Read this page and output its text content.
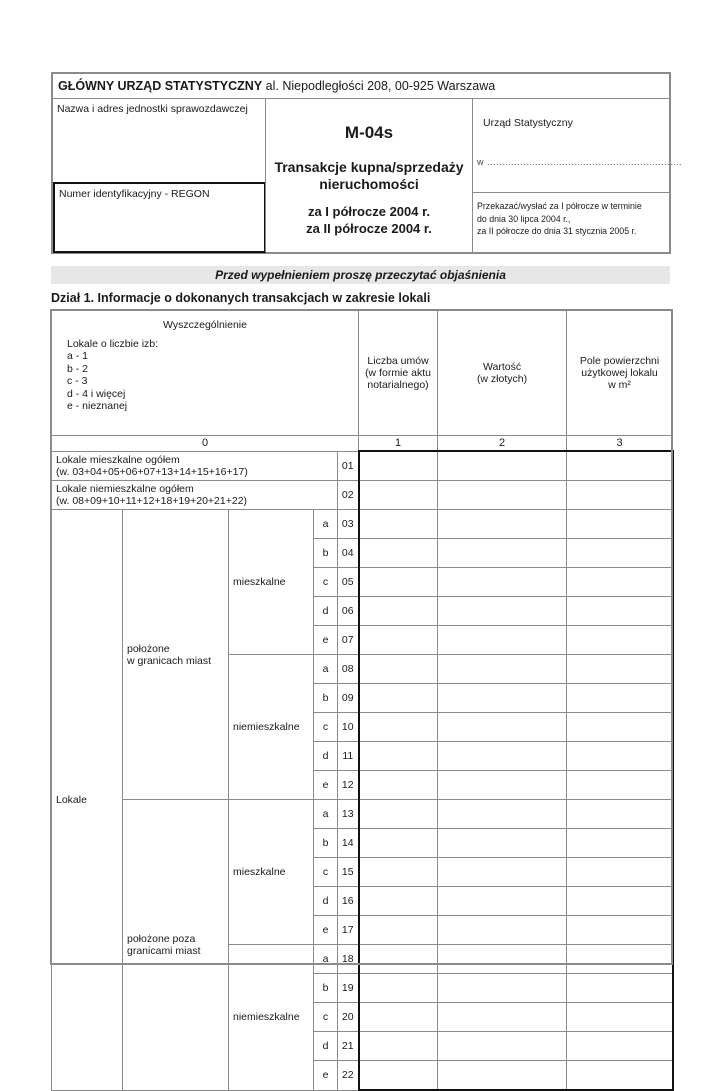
GŁÓWNY URZĄD STATYSTYCZNY al. Niepodległości 208, 00-925 Warszawa
Nazwa i adres jednostki sprawozdawczej
Numer identyfikacyjny - REGON
M-04s
Transakcje kupna/sprzedaży
nieruchomości
za I półrocze 2004 r.
za II półrocze 2004 r.
Urząd Statystyczny
w .................................................................
Przekazać/wysłać za I półrocze w terminie
do dnia 30 lipca 2004 r.,
za II półrocze do dnia 31 stycznia 2005 r.
Przed wypełnieniem proszę przeczytać objaśnienia
Dział 1. Informacje o dokonanych transakcjach w zakresie lokali
Wyszczególnienie
Lokale o liczbie izb:
a - 1
b - 2
c - 3
d - 4 i więcej
e - nieznanej

Liczba umów
(w formie aktu
notarialnego)

Wartość
(w złotych)

Pole powierzchni
użytkowej lokalu
w m²

0					1	2	3

Lokale mieszkalne ogółem
(w. 03+04+05+06+07+13+14+15+16+17)				01			

Lokale niemieszkalne ogółem
(w. 08+09+10+11+12+18+19+20+21+22)				02			
Lokale	położone
w granicach miast	mieszkalne	a	03			
			b	04			
			c	05			
			d	06			
			e	07			
		niemieszkalne	a	08			
			b	09			
			c	10			
			d	11			
			e	12			

	położone poza
granicami miast	mieszkalne	a	13			
			b	14			
			c	15			
			d	16			
			e	17			
		niemieszkalne	a	18			
			b	19			
			c	20			
			d	21			
			e	22			
